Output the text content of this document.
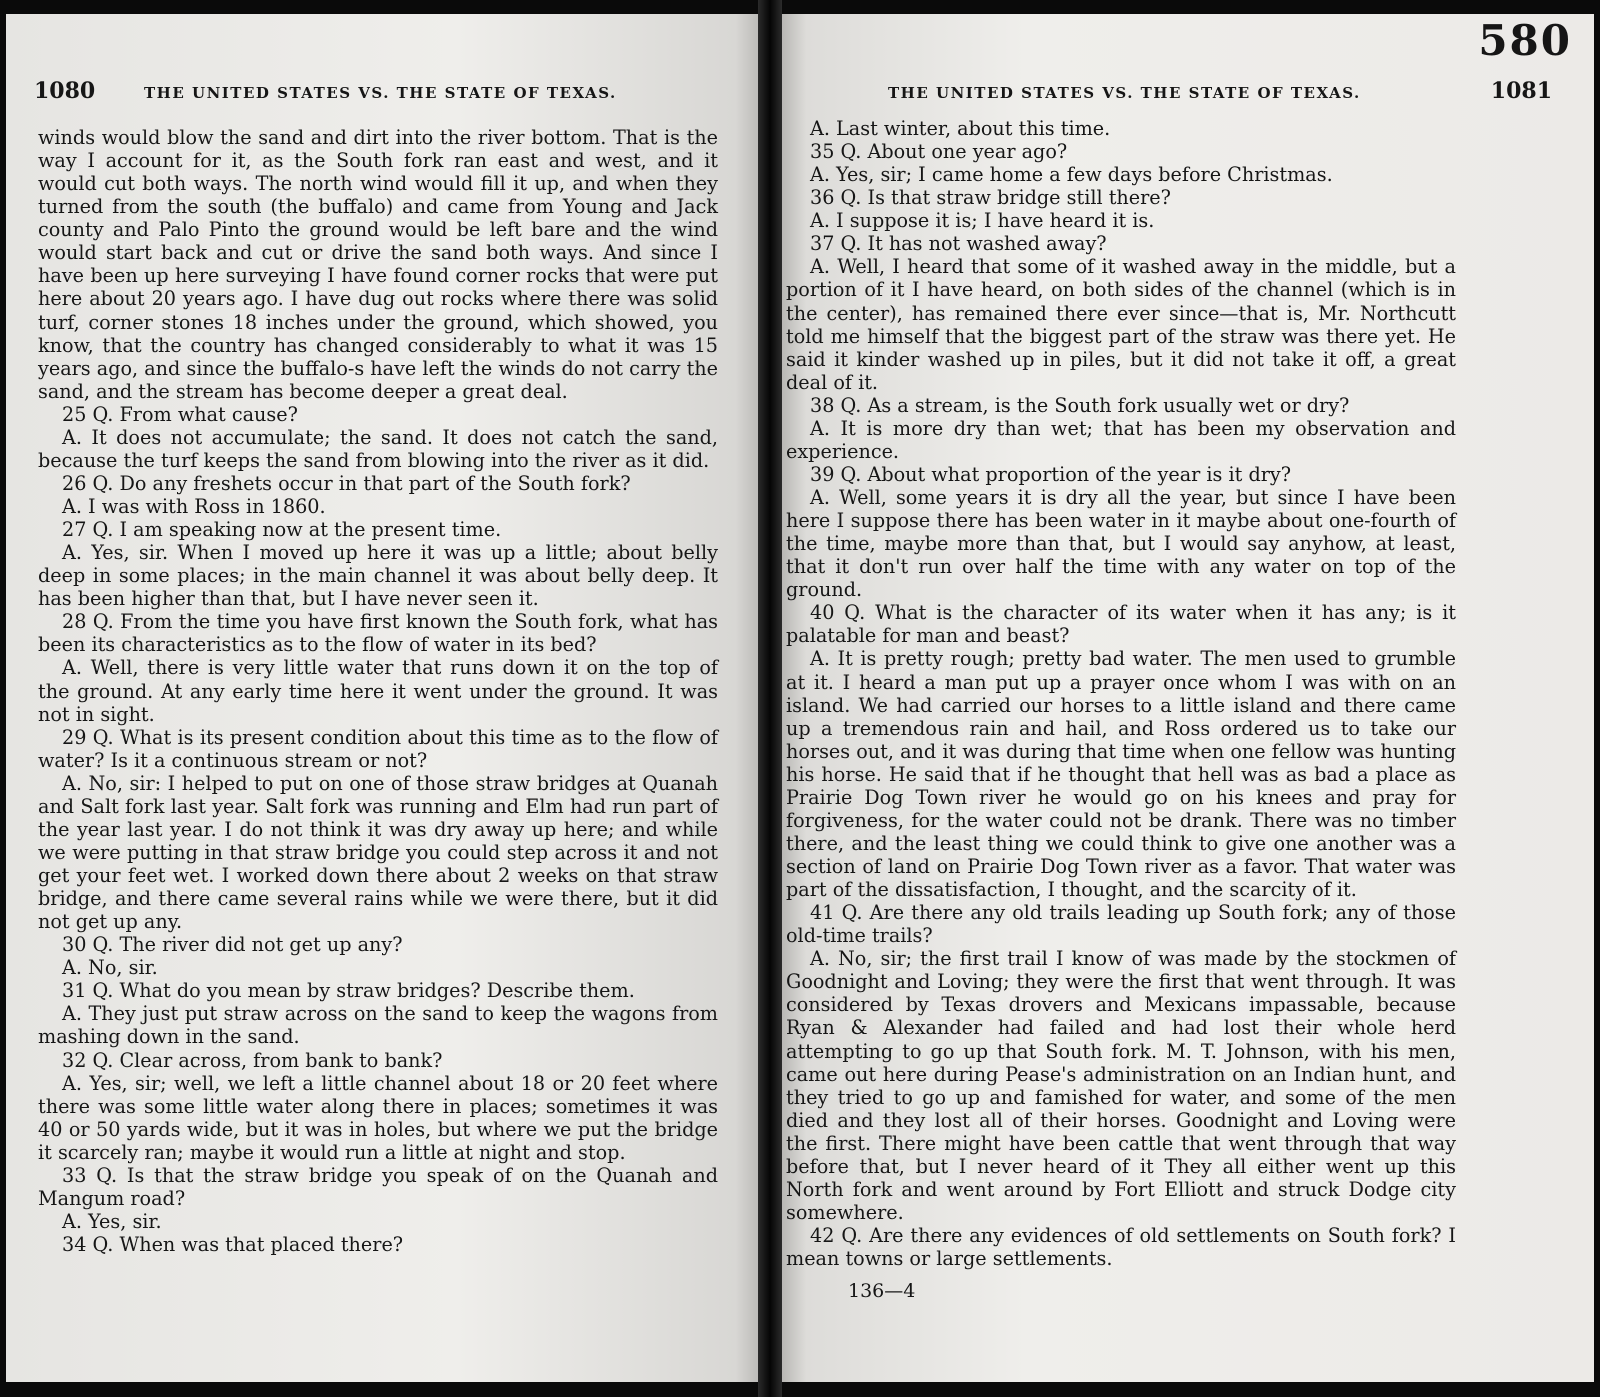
1080	THE UNITED STATES VS. THE STATE OF TEXAS.

winds would blow the sand and dirt into the river bottom. That is the way I account for it, as the South fork ran east and west, and it would cut both ways. The north wind would fill it up, and when they turned from the south (the buffalo) and came from Young and Jack county and Palo Pinto the ground would be left bare and the wind would start back and cut or drive the sand both ways. And since I have been up here surveying I have found corner rocks that were put here about 20 years ago. I have dug out rocks where there was solid turf, corner stones 18 inches under the ground, which showed, you know, that the country has changed considerably to what it was 15 years ago, and since the buffalo-s have left the winds do not carry the sand, and the stream has become deeper a great deal.

25 Q. From what cause?

A. It does not accumulate; the sand. It does not catch the sand, because the turf keeps the sand from blowing into the river as it did.

26 Q. Do any freshets occur in that part of the South fork?

A. I was with Ross in 1860.

27 Q. I am speaking now at the present time.

A. Yes, sir. When I moved up here it was up a little; about belly deep in some places; in the main channel it was about belly deep. It has been higher than that, but I have never seen it.

28 Q. From the time you have first known the South fork, what has been its characteristics as to the flow of water in its bed?

A. Well, there is very little water that runs down it on the top of the ground. At any early time here it went under the ground. It was not in sight.

29 Q. What is its present condition about this time as to the flow of water? Is it a continuous stream or not?

A. No, sir: I helped to put on one of those straw bridges at Quanah and Salt fork last year. Salt fork was running and Elm had run part of the year last year. I do not think it was dry away up here; and while we were putting in that straw bridge you could step across it and not get your feet wet. I worked down there about 2 weeks on that straw bridge, and there came several rains while we were there, but it did not get up any.

30 Q. The river did not get up any?

A. No, sir.

31 Q. What do you mean by straw bridges? Describe them.

A. They just put straw across on the sand to keep the wagons from mashing down in the sand.

32 Q. Clear across, from bank to bank?

A. Yes, sir; well, we left a little channel about 18 or 20 feet where there was some little water along there in places; sometimes it was 40 or 50 yards wide, but it was in holes, but where we put the bridge it scarcely ran; maybe it would run a little at night and stop.

33 Q. Is that the straw bridge you speak of on the Quanah and Mangum road?

A. Yes, sir.

34 Q. When was that placed there?

580
THE UNITED STATES VS. THE STATE OF TEXAS.	1081

A. Last winter, about this time.

35 Q. About one year ago?

A. Yes, sir; I came home a few days before Christmas.

36 Q. Is that straw bridge still there?

A. I suppose it is; I have heard it is.

37 Q. It has not washed away?

A. Well, I heard that some of it washed away in the middle, but a portion of it I have heard, on both sides of the channel (which is in the center), has remained there ever since—that is, Mr. Northcutt told me himself that the biggest part of the straw was there yet. He said it kinder washed up in piles, but it did not take it off, a great deal of it.

38 Q. As a stream, is the South fork usually wet or dry?

A. It is more dry than wet; that has been my observation and experience.

39 Q. About what proportion of the year is it dry?

A. Well, some years it is dry all the year, but since I have been here I suppose there has been water in it maybe about one-fourth of the time, maybe more than that, but I would say anyhow, at least, that it don't run over half the time with any water on top of the ground.

40 Q. What is the character of its water when it has any; is it palatable for man and beast?

A. It is pretty rough; pretty bad water. The men used to grumble at it. I heard a man put up a prayer once whom I was with on an island. We had carried our horses to a little island and there came up a tremendous rain and hail, and Ross ordered us to take our horses out, and it was during that time when one fellow was hunting his horse. He said that if he thought that hell was as bad a place as Prairie Dog Town river he would go on his knees and pray for forgiveness, for the water could not be drank. There was no timber there, and the least thing we could think to give one another was a section of land on Prairie Dog Town river as a favor. That water was part of the dissatisfaction, I thought, and the scarcity of it.

41 Q. Are there any old trails leading up South fork; any of those old-time trails?

A. No, sir; the first trail I know of was made by the stockmen of Goodnight and Loving; they were the first that went through. It was considered by Texas drovers and Mexicans impassable, because Ryan & Alexander had failed and had lost their whole herd attempting to go up that South fork. M. T. Johnson, with his men, came out here during Pease's administration on an Indian hunt, and they tried to go up and famished for water, and some of the men died and they lost all of their horses. Goodnight and Loving were the first. There might have been cattle that went through that way before that, but I never heard of it They all either went up this North fork and went around by Fort Elliott and struck Dodge city somewhere.

42 Q. Are there any evidences of old settlements on South fork? I mean towns or large settlements.

136—4
